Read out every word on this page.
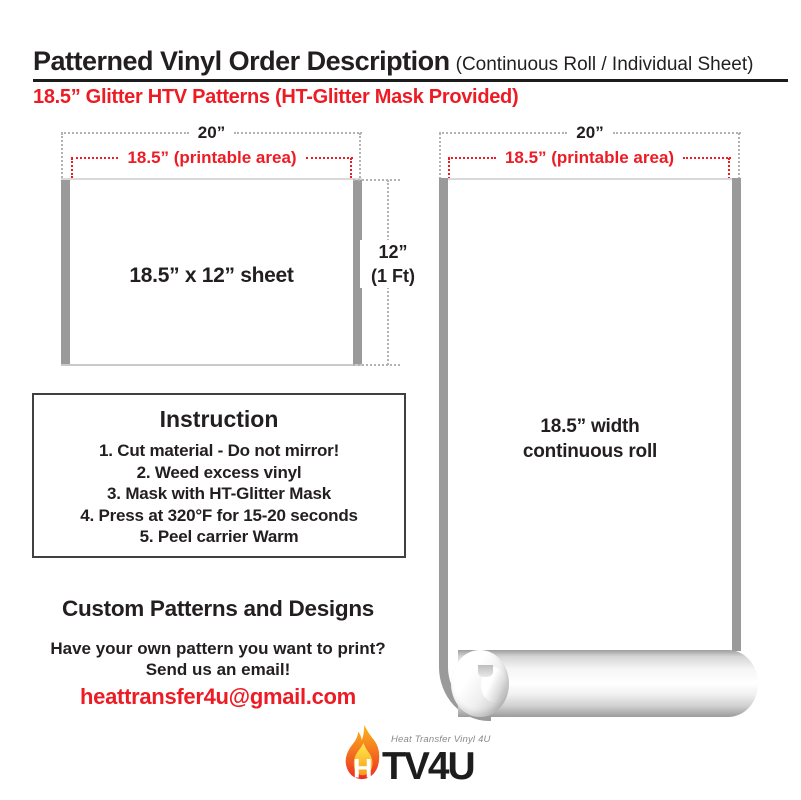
Patterned Vinyl Order Description (Continuous Roll / Individual Sheet)
18.5” Glitter HTV Patterns (HT-Glitter Mask Provided)
20”
18.5” (printable area)
18.5” x 12” sheet
12”
(1 Ft)
20”
18.5” (printable area)
18.5” width
continuous roll
Instruction
1. Cut material - Do not mirror!
2. Weed excess vinyl
3. Mask with HT-Glitter Mask
4. Press at 320°F for 15-20 seconds
5. Peel carrier Warm
Custom Patterns and Designs
Have your own pattern you want to print?
Send us an email!
heattransfer4u@gmail.com
H
Heat Transfer Vinyl 4U
TV4U
